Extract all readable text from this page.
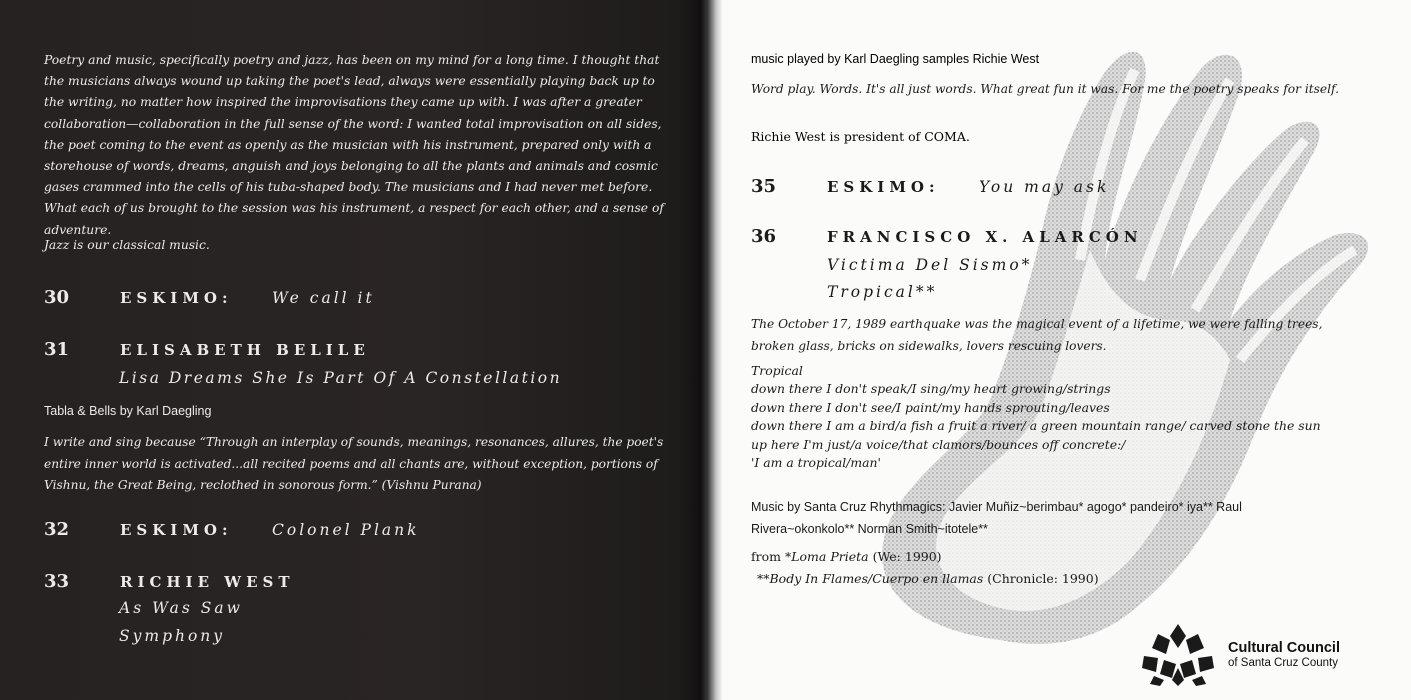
Poetry and music, specifically poetry and jazz, has been on my mind for a long time. I thought that the musicians always wound up taking the poet's lead, always were essentially playing back up to the writing, no matter how inspired the improvisations they came up with. I was after a greater collaboration—collaboration in the full sense of the word: I wanted total improvisation on all sides, the poet coming to the event as openly as the musician with his instrument, prepared only with a storehouse of words, dreams, anguish and joys belonging to all the plants and animals and cosmic gases crammed into the cells of his tuba-shaped body. The musicians and I had never met before. What each of us brought to the session was his instrument, a respect for each other, and a sense of adventure.

Jazz is our classical music.

30	ESKIMO:	We call it
31	ELISABETH BELILE
Lisa Dreams She Is Part Of A Constellation
Tabla & Bells by Karl Daegling

I write and sing because “Through an interplay of sounds, meanings, resonances, allures, the poet's entire inner world is activated...all recited poems and all chants are, without exception, portions of Vishnu, the Great Being, reclothed in sonorous form.” (Vishnu Purana)

32	ESKIMO:	Colonel Plank
33	RICHIE WEST
As Was Saw
Symphony
music played by Karl Daegling samples Richie West

Word play. Words. It's all just words. What great fun it was. For me the poetry speaks for itself.

Richie West is president of COMA.
35	ESKIMO:	You may ask
36	FRANCISCO X. ALARCÓN
Victima Del Sismo*
Tropical**

The October 17, 1989 earthquake was the magical event of a lifetime, we were falling trees, broken glass, bricks on sidewalks, lovers rescuing lovers.

Tropical
down there I don't speak/I sing/my heart growing/strings
down there I don't see/I paint/my hands sprouting/leaves
down there I am a bird/a fish a fruit a river/ a green mountain range/ carved stone the sun
up here I'm just/a voice/that clamors/bounces off concrete:/
'I am a tropical/man'

Music by Santa Cruz Rhythmagics: Javier Muñiz~berimbau* agogo* pandeiro* iya** Raul Rivera~okonkolo** Norman Smith~itotele**

from *Loma Prieta (We: 1990)
**Body In Flames/Cuerpo en llamas (Chronicle: 1990)
Cultural Council
of Santa Cruz County
